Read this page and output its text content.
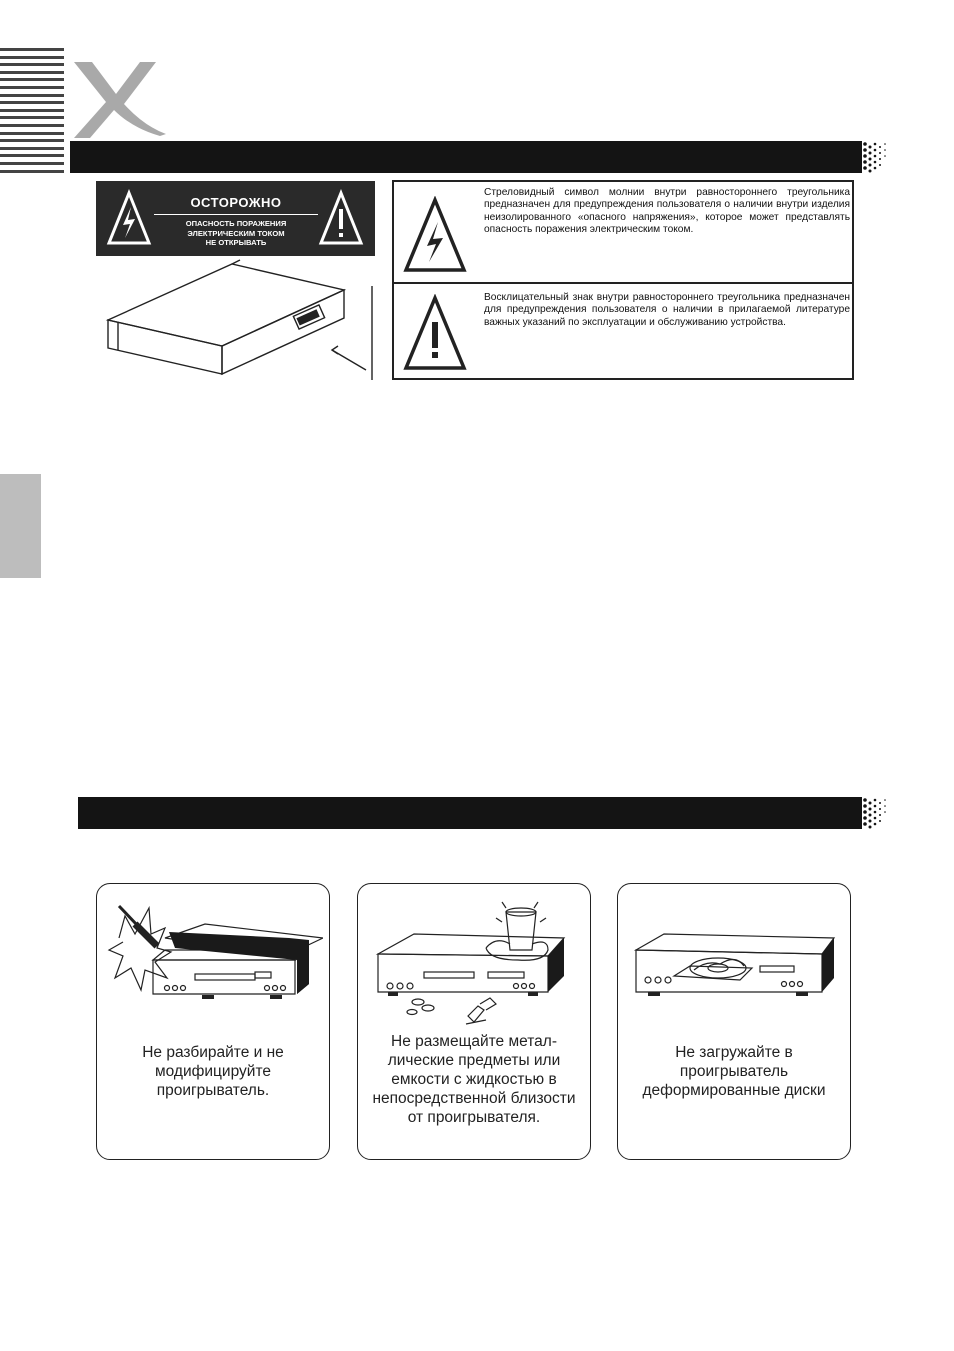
ОСТОРОЖНО
ОПАСНОСТЬ ПОРАЖЕНИЯ
ЭЛЕКТРИЧЕСКИМ ТОКОМ
НЕ ОТКРЫВАТЬ
Стреловидный символ молнии внутри равностороннего треугольника предназначен для предупреждения пользователя о наличии внутри изделия неизолированного «опасного напряжения», которое может представлять опасность поражения электрическим током.
Восклицательный знак внутри равностороннего треугольника предназначен для предупреждения пользователя о наличии в прилагаемой литературе важных указаний по эксплуатации и обслуживанию устройства.
Не разбирайте и не модифицируйте проигрыватель.
Не размещайте метал-лические предметы или емкости с жидкостью в непосредственной близости от проигрывателя.
Не загружайте в проигрыватель деформированные диски
